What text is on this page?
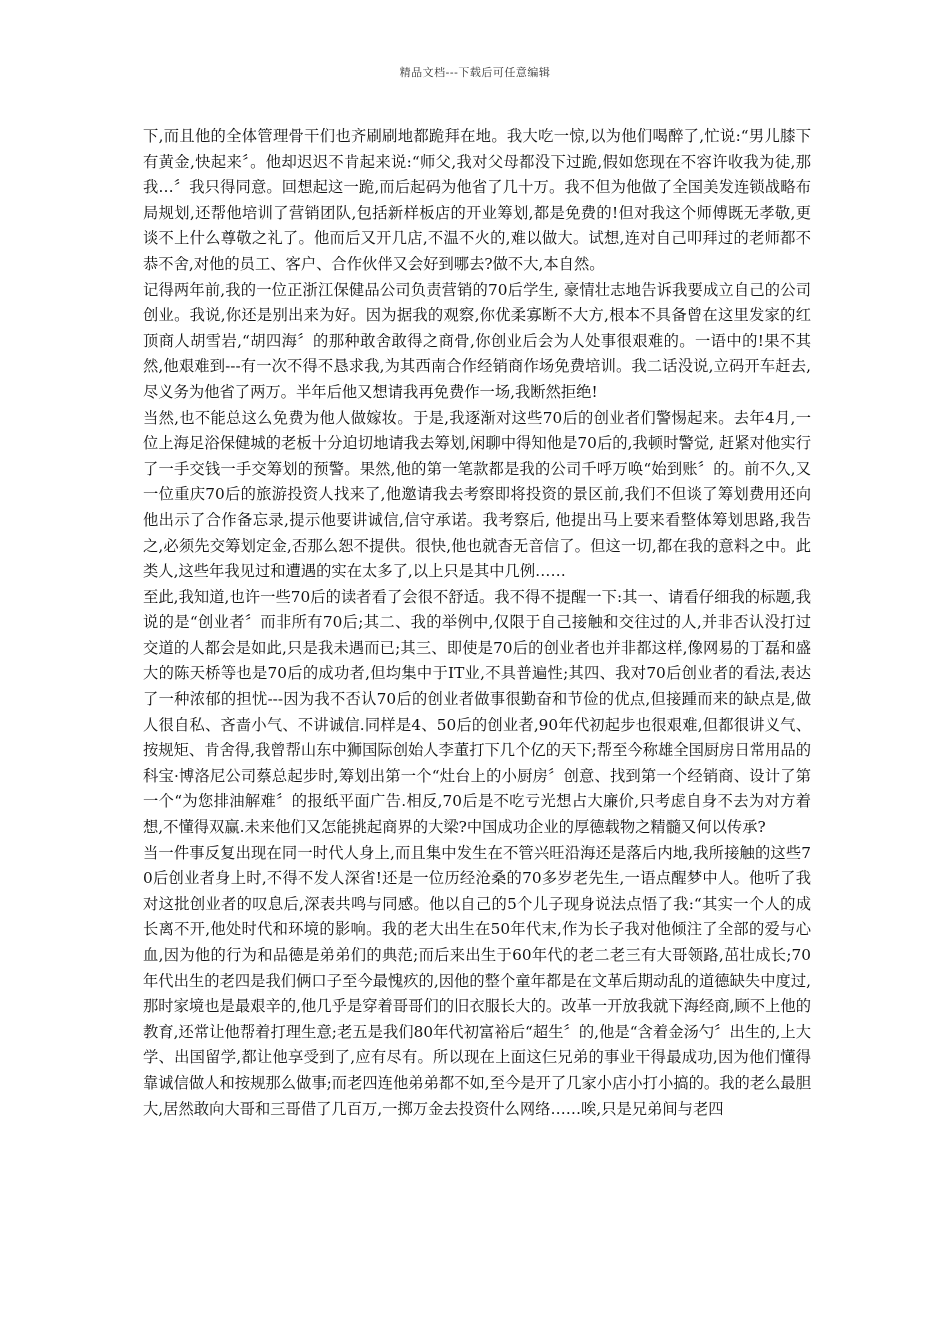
精品文档---下载后可任意编辑

下,而且他的全体管理骨干们也齐刷刷地都跪拜在地。我大吃一惊,以为他们喝醉了,忙说:“男儿膝下有黄金,快起来〞。他却迟迟不肯起来说:“师父,我对父母都没下过跪,假如您现在不容许收我为徒,那我…〞我只得同意。回想起这一跪,而后起码为他省了几十万。我不但为他做了全国美发连锁战略布局规划,还帮他培训了营销团队,包括新样板店的开业筹划,都是免费的!但对我这个师傅既无孝敬,更谈不上什么尊敬之礼了。他而后又开几店,不温不火的,难以做大。试想,连对自己叩拜过的老师都不恭不舍,对他的员工、客户、合作伙伴又会好到哪去?做不大,本自然。

记得两年前,我的一位正浙江保健品公司负责营销的70后学生, 豪情壮志地告诉我要成立自己的公司创业。我说,你还是别出来为好。因为据我的观察,你优柔寡断不大方,根本不具备曾在这里发家的红顶商人胡雪岩,“胡四海〞的那种敢舍敢得之商骨,你创业后会为人处事很艰难的。一语中的!果不其然,他艰难到---有一次不得不恳求我,为其西南合作经销商作场免费培训。我二话没说,立码开车赶去,尽义务为他省了两万。半年后他又想请我再免费作一场,我断然拒绝!

当然,也不能总这么免费为他人做嫁妆。于是,我逐渐对这些70后的创业者们警惕起来。去年4月,一位上海足浴保健城的老板十分迫切地请我去筹划,闲聊中得知他是70后的,我顿时警觉, 赶紧对他实行了一手交钱一手交筹划的预警。果然,他的第一笔款都是我的公司千呼万唤“始到账〞的。前不久,又一位重庆70后的旅游投资人找来了,他邀请我去考察即将投资的景区前,我们不但谈了筹划费用还向他出示了合作备忘录,提示他要讲诚信,信守承诺。我考察后, 他提出马上要来看整体筹划思路,我告之,必须先交筹划定金,否那么恕不提供。很快,他也就杳无音信了。但这一切,都在我的意料之中。此类人,这些年我见过和遭遇的实在太多了,以上只是其中几例……

至此,我知道,也许一些70后的读者看了会很不舒适。我不得不提醒一下:其一、请看仔细我的标题,我说的是“创业者〞而非所有70后;其二、我的举例中,仅限于自己接触和交往过的人,并非否认没打过交道的人都会是如此,只是我未遇而已;其三、即使是70后的创业者也并非都这样,像网易的丁磊和盛大的陈天桥等也是70后的成功者,但均集中于IT业,不具普遍性;其四、我对70后创业者的看法,表达了一种浓郁的担忧---因为我不否认70后的创业者做事很勤奋和节俭的优点,但接踵而来的缺点是,做人很自私、吝啬小气、不讲诚信.同样是4、50后的创业者,90年代初起步也很艰难,但都很讲义气、按规矩、肯舍得,我曾帮山东中狮国际创始人李董打下几个亿的天下;帮至今称雄全国厨房日常用品的科宝·博洛尼公司蔡总起步时,筹划出第一个“灶台上的小厨房〞创意、找到第一个经销商、设计了第一个“为您排油解难〞的报纸平面广告.相反,70后是不吃亏光想占大廉价,只考虑自身不去为对方着想,不懂得双赢.未来他们又怎能挑起商界的大梁?中国成功企业的厚德载物之精髓又何以传承?

当一件事反复出现在同一时代人身上,而且集中发生在不管兴旺沿海还是落后内地,我所接触的这些70后创业者身上时,不得不发人深省!还是一位历经沧桑的70多岁老先生,一语点醒梦中人。他听了我对这批创业者的叹息后,深表共鸣与同感。他以自己的5个儿子现身说法点悟了我:“其实一个人的成长离不开,他处时代和环境的影响。我的老大出生在50年代末,作为长子我对他倾注了全部的爱与心血,因为他的行为和品德是弟弟们的典范;而后来出生于60年代的老二老三有大哥领路,茁壮成长;70年代出生的老四是我们俩口子至今最愧疚的,因他的整个童年都是在文革后期动乱的道德缺失中度过,那时家境也是最艰辛的,他几乎是穿着哥哥们的旧衣服长大的。改革一开放我就下海经商,顾不上他的教育,还常让他帮着打理生意;老五是我们80年代初富裕后“超生〞的,他是“含着金汤勺〞出生的,上大学、出国留学,都让他享受到了,应有尽有。所以现在上面这仨兄弟的事业干得最成功,因为他们懂得靠诚信做人和按规那么做事;而老四连他弟弟都不如,至今是开了几家小店小打小搞的。我的老么最胆大,居然敢向大哥和三哥借了几百万,一掷万金去投资什么网络……唉,只是兄弟间与老四
